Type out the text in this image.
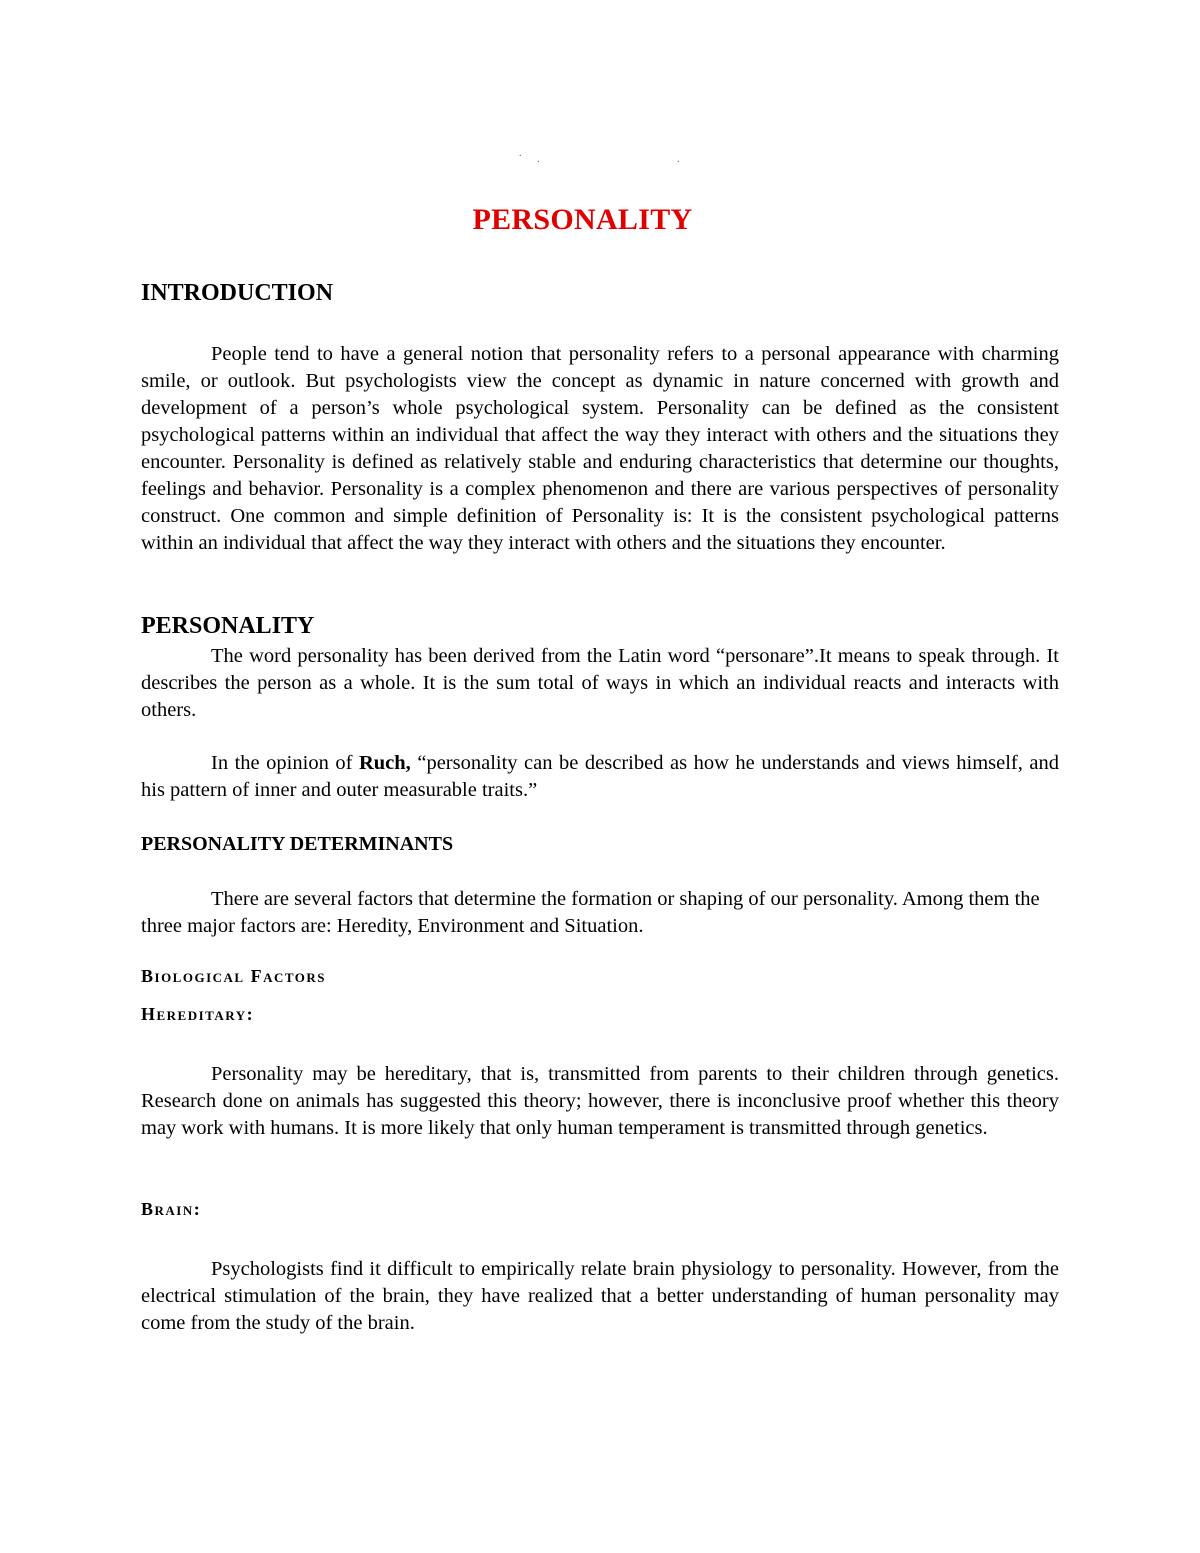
.
.	.
PERSONALITY
INTRODUCTION
People tend to have a general notion that personality refers to a personal appearance with charming smile, or outlook. But psychologists view the concept as dynamic in nature concerned with growth and development of a person’s whole psychological system. Personality can be defined as the consistent psychological patterns within an individual that affect the way they interact with others and the situations they encounter. Personality is defined as relatively stable and enduring characteristics that determine our thoughts, feelings and behavior. Personality is a complex phenomenon and there are various perspectives of personality construct. One common and simple definition of Personality is: It is the consistent psychological patterns within an individual that affect the way they interact with others and the situations they encounter.
PERSONALITY
The word personality has been derived from the Latin word “personare”.It means to speak through. It describes the person as a whole. It is the sum total of ways in which an individual reacts and interacts with others.
In the opinion of Ruch, “personality can be described as how he understands and views himself, and his pattern of inner and outer measurable traits.”
PERSONALITY DETERMINANTS
There are several factors that determine the formation or shaping of our personality. Among them the three major factors are: Heredity, Environment and Situation.
Biological Factors
Hereditary:
Personality may be hereditary, that is, transmitted from parents to their children through genetics. Research done on animals has suggested this theory; however, there is inconclusive proof whether this theory may work with humans. It is more likely that only human temperament is transmitted through genetics.
Brain:
Psychologists find it difficult to empirically relate brain physiology to personality. However, from the electrical stimulation of the brain, they have realized that a better understanding of human personality may come from the study of the brain.
